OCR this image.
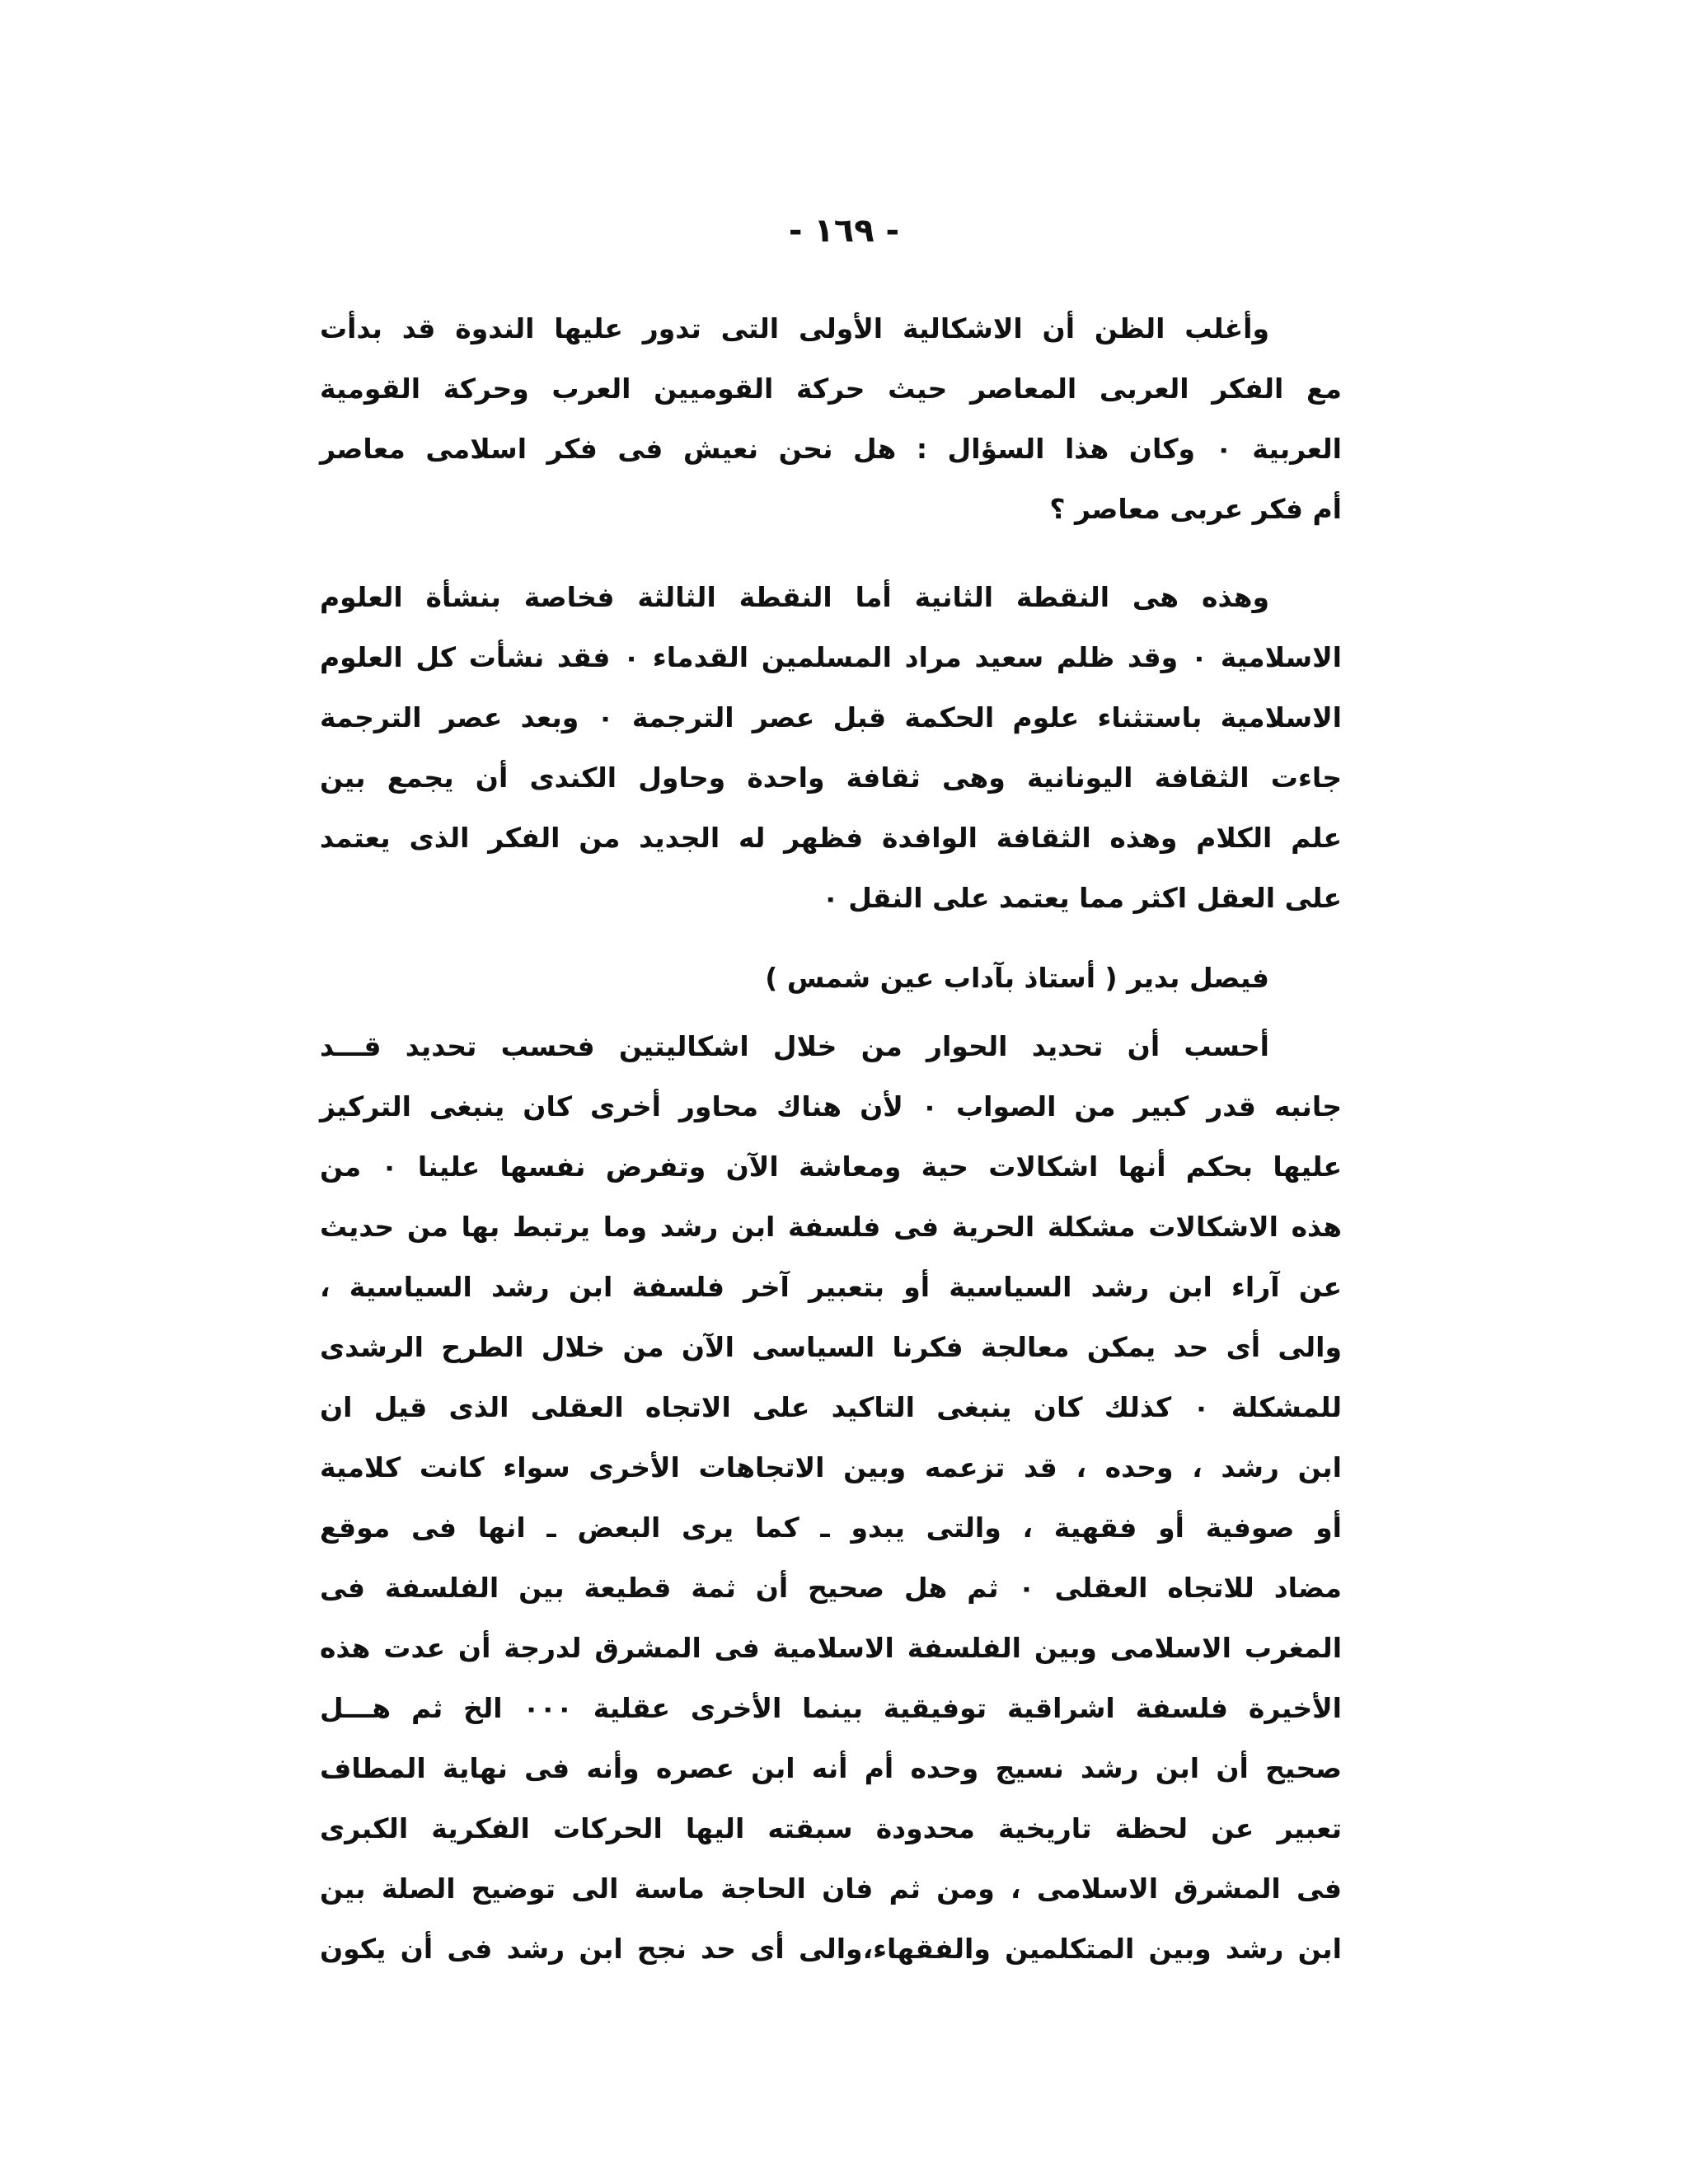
- ١٦٩ -
وأغلب الظن أن الاشكالية الأولى التى تدور عليها الندوة قد بدأت
مع الفكر العربى المعاصر حيث حركة القوميين العرب وحركة القومية
العربية ٠ وكان هذا السؤال : هل نحن نعيش فى فكر اسلامى معاصر
أم فكر عربى معاصر ؟
وهذه هى النقطة الثانية أما النقطة الثالثة فخاصة بنشأة العلوم
الاسلامية ٠ وقد ظلم سعيد مراد المسلمين القدماء ٠ فقد نشأت كل العلوم
الاسلامية باستثناء علوم الحكمة قبل عصر الترجمة ٠ وبعد عصر الترجمة
جاءت الثقافة اليونانية وهى ثقافة واحدة وحاول الكندى أن يجمع بين
علم الكلام وهذه الثقافة الوافدة فظهر له الجديد من الفكر الذى يعتمد
على العقل اكثر مما يعتمد على النقل ٠
فيصل بدير ( أستاذ بآداب عين شمس )
أحسب أن تحديد الحوار من خلال اشكاليتين فحسب تحديد قـــد
جانبه قدر كبير من الصواب ٠ لأن هناك محاور أخرى كان ينبغى التركيز
عليها بحكم أنها اشكالات حية ومعاشة الآن وتفرض نفسها علينا ٠ من
هذه الاشكالات مشكلة الحرية فى فلسفة ابن رشد وما يرتبط بها من حديث
عن آراء ابن رشد السياسية أو بتعبير آخر فلسفة ابن رشد السياسية ،
والى أى حد يمكن معالجة فكرنا السياسى الآن من خلال الطرح الرشدى
للمشكلة ٠ كذلك كان ينبغى التاكيد على الاتجاه العقلى الذى قيل ان
ابن رشد ، وحده ، قد تزعمه وبين الاتجاهات الأخرى سواء كانت كلامية
أو صوفية أو فقهية ، والتى يبدو ـ كما يرى البعض ـ انها فى موقع
مضاد للاتجاه العقلى ٠ ثم هل صحيح أن ثمة قطيعة بين الفلسفة فى
المغرب الاسلامى وبين الفلسفة الاسلامية فى المشرق لدرجة أن عدت هذه
الأخيرة فلسفة اشراقية توفيقية بينما الأخرى عقلية ٠٠٠ الخ ثم هـــل
صحيح أن ابن رشد نسيج وحده أم أنه ابن عصره وأنه فى نهاية المطاف
تعبير عن لحظة تاريخية محدودة سبقته اليها الحركات الفكرية الكبرى
فى المشرق الاسلامى ، ومن ثم فان الحاجة ماسة الى توضيح الصلة بين
ابن رشد وبين المتكلمين والفقهاء،والى أى حد نجح ابن رشد فى أن يكون
